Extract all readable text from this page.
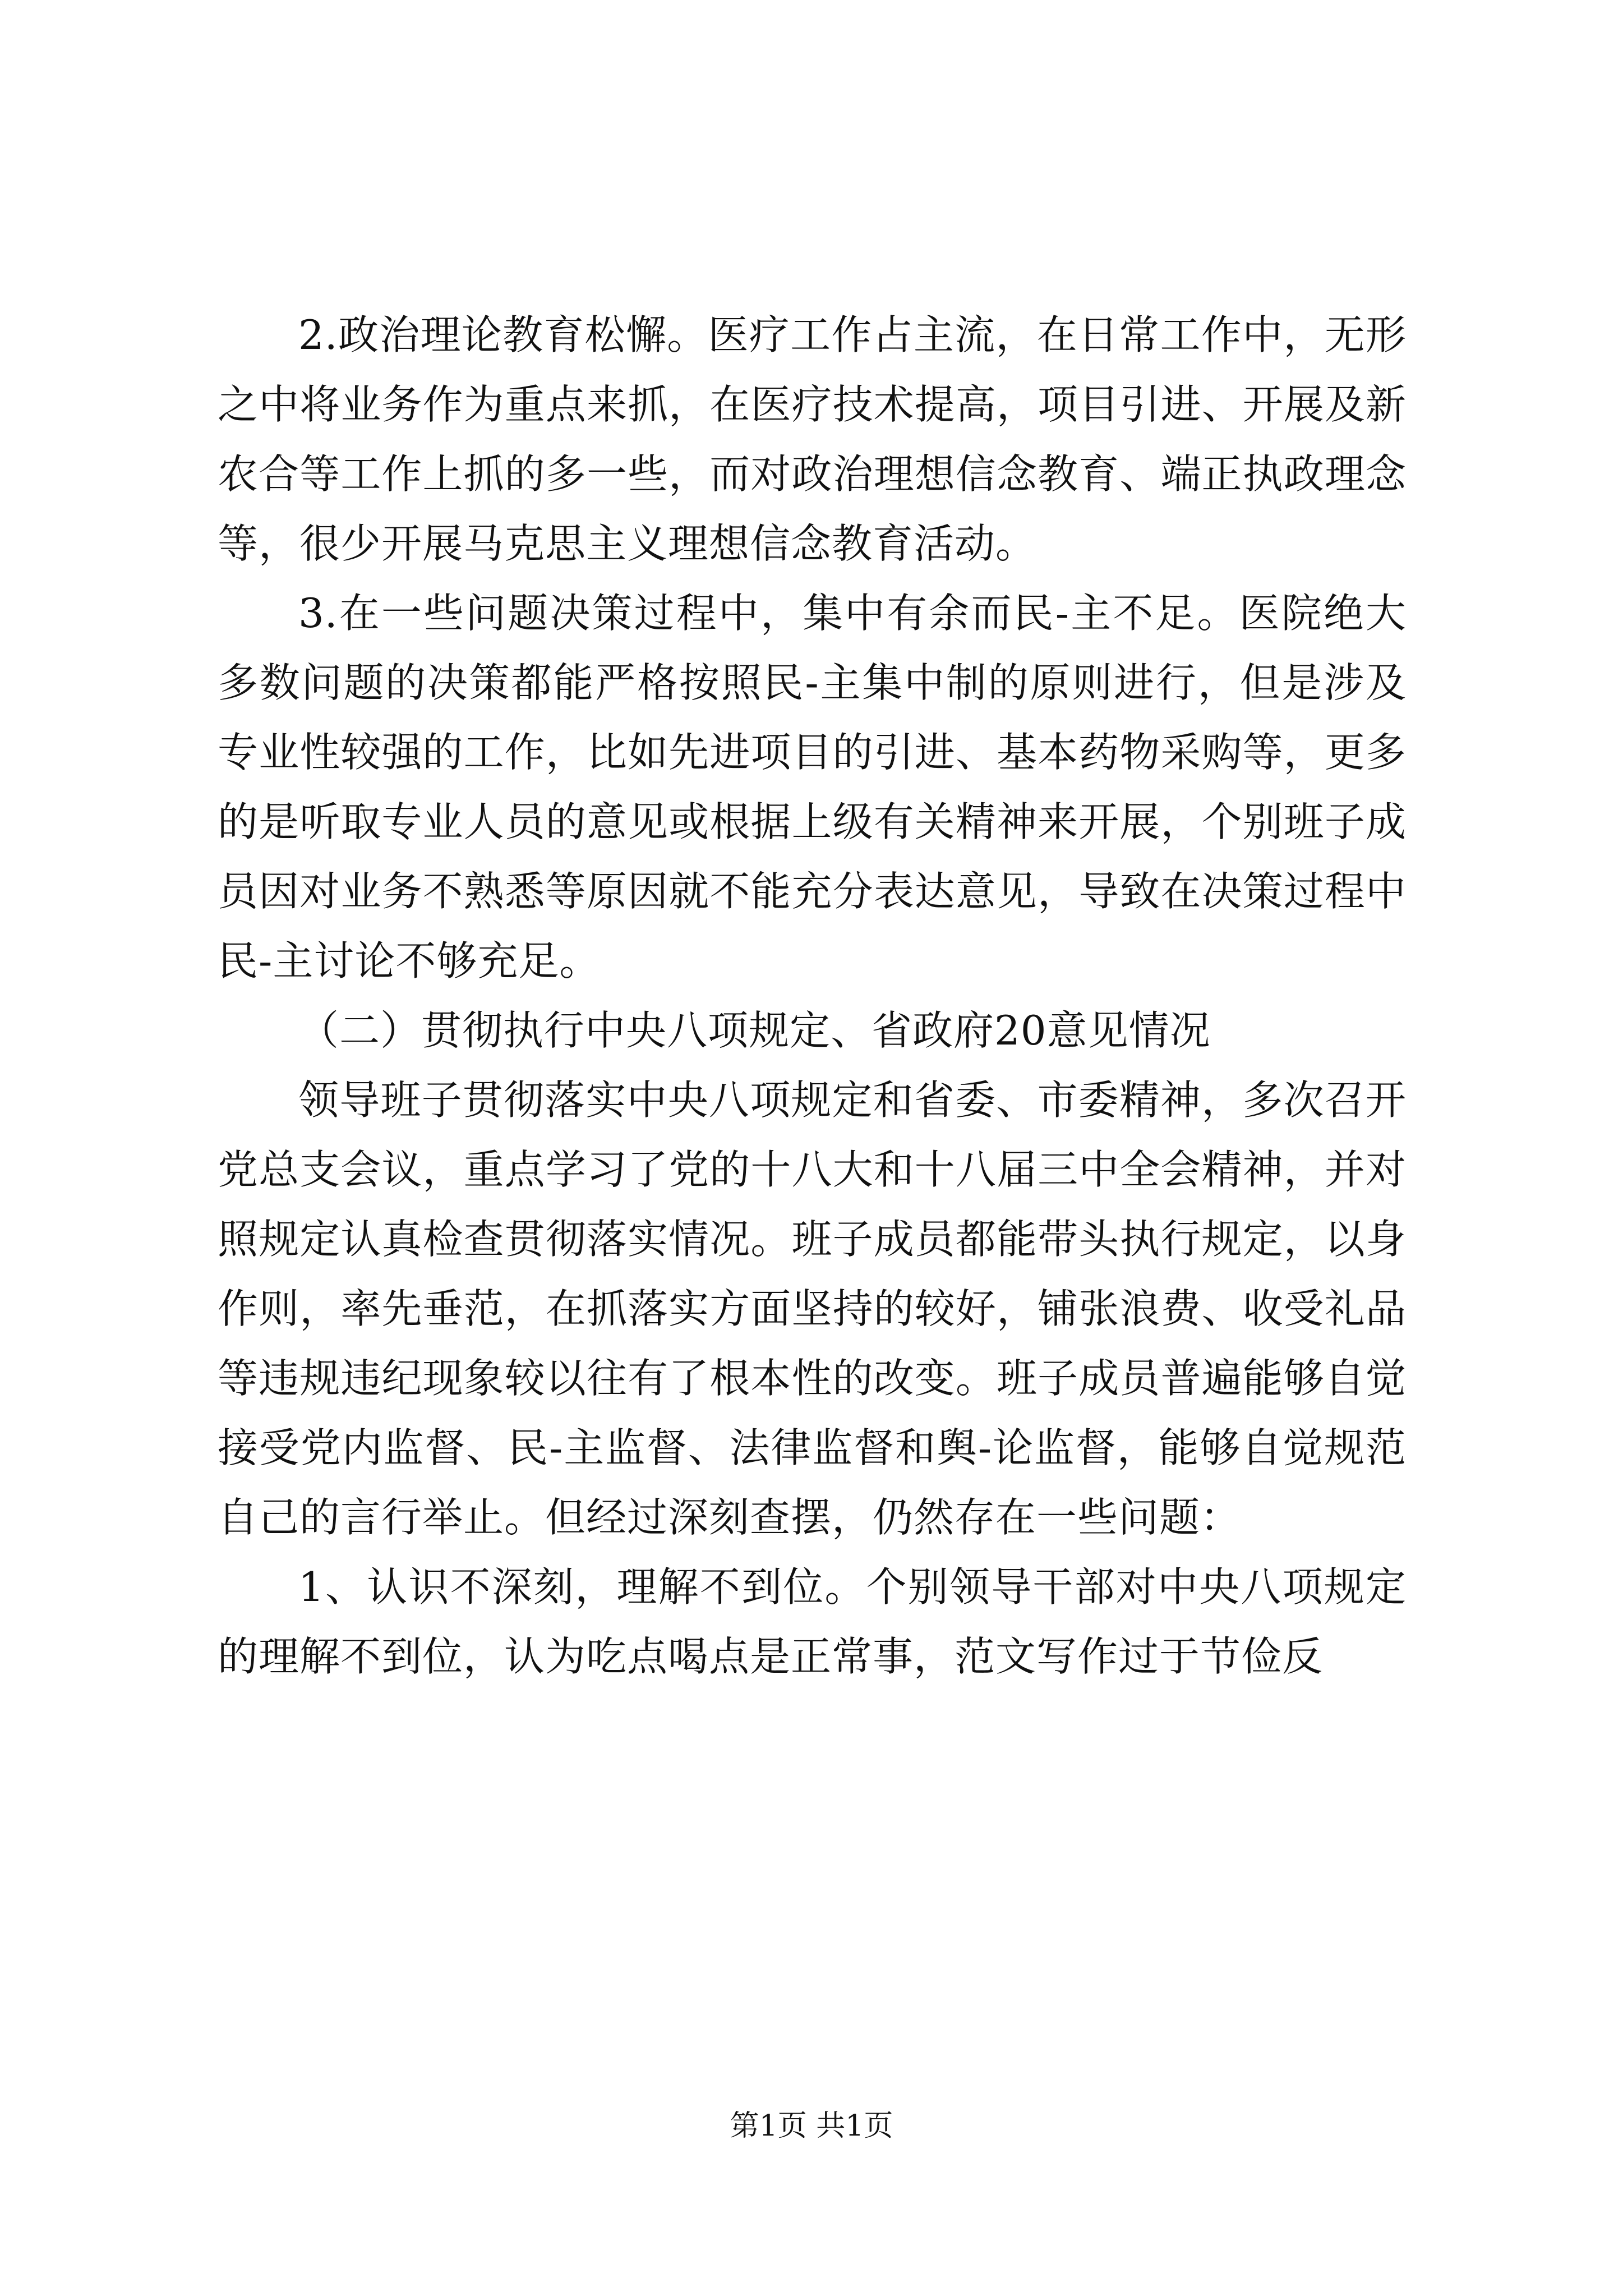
2.政治理论教育松懈。医疗工作占主流，在日常工作中，无形之中将业务作为重点来抓，在医疗技术提高，项目引进、开展及新农合等工作上抓的多一些，而对政治理想信念教育、端正执政理念等，很少开展马克思主义理想信念教育活动。

3.在一些问题决策过程中，集中有余而民-主不足。医院绝大多数问题的决策都能严格按照民-主集中制的原则进行，但是涉及专业性较强的工作，比如先进项目的引进、基本药物采购等，更多的是听取专业人员的意见或根据上级有关精神来开展，个别班子成员因对业务不熟悉等原因就不能充分表达意见，导致在决策过程中民-主讨论不够充足。

（二）贯彻执行中央八项规定、省政府20意见情况

领导班子贯彻落实中央八项规定和省委、市委精神，多次召开党总支会议，重点学习了党的十八大和十八届三中全会精神，并对照规定认真检查贯彻落实情况。班子成员都能带头执行规定，以身作则，率先垂范，在抓落实方面坚持的较好，铺张浪费、收受礼品等违规违纪现象较以往有了根本性的改变。班子成员普遍能够自觉接受党内监督、民-主监督、法律监督和舆-论监督，能够自觉规范自己的言行举止。但经过深刻查摆，仍然存在一些问题：

1、认识不深刻，理解不到位。个别领导干部对中央八项规定的理解不到位，认为吃点喝点是正常事，范文写作过于节俭反

第1页 共1页
